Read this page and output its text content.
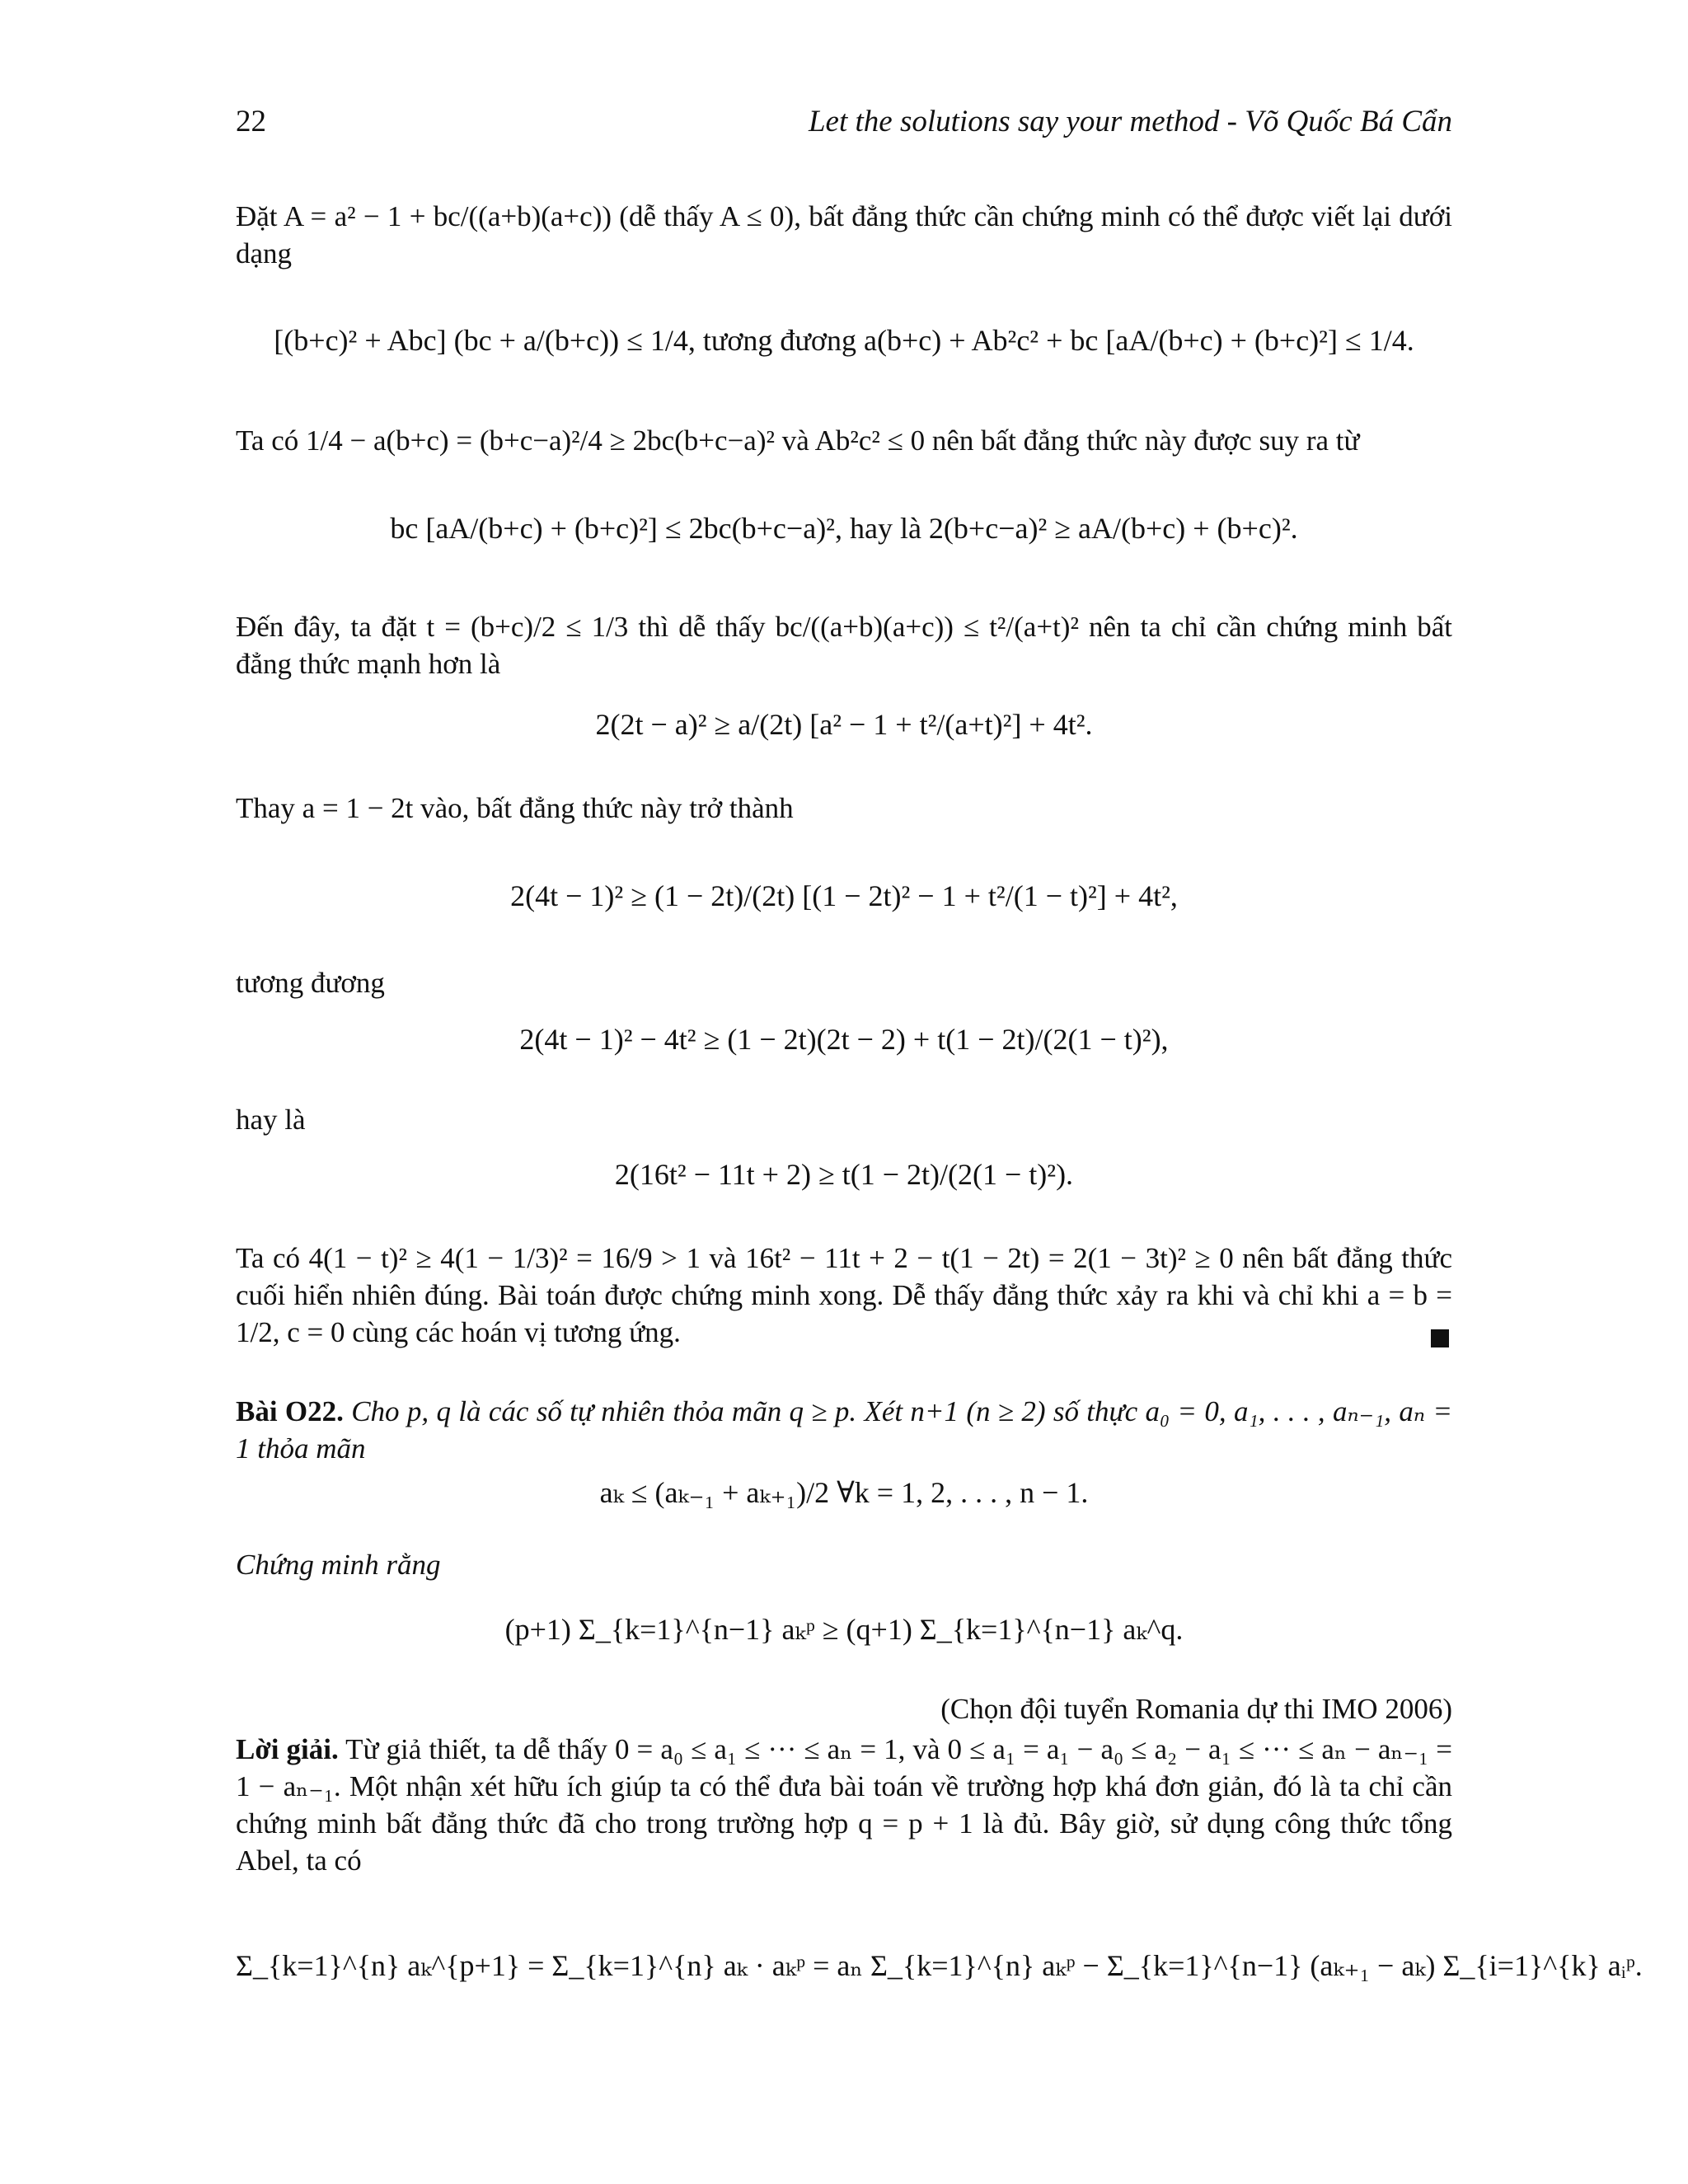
22	Let the solutions say your method - Võ Quốc Bá Cẩn
Đặt A = a² − 1 + bc/((a+b)(a+c)) (dễ thấy A ≤ 0), bất đẳng thức cần chứng minh có thể được viết lại dưới dạng
[(b+c)² + Abc] (bc + a/(b+c)) ≤ 1/4, tương đương a(b+c) + Ab²c² + bc [aA/(b+c) + (b+c)²] ≤ 1/4.
Ta có 1/4 − a(b+c) = (b+c−a)²/4 ≥ 2bc(b+c−a)² và Ab²c² ≤ 0 nên bất đẳng thức này được suy ra từ
bc [aA/(b+c) + (b+c)²] ≤ 2bc(b+c−a)², hay là 2(b+c−a)² ≥ aA/(b+c) + (b+c)².
Đến đây, ta đặt t = (b+c)/2 ≤ 1/3 thì dễ thấy bc/((a+b)(a+c)) ≤ t²/(a+t)² nên ta chỉ cần chứng minh bất đẳng thức mạnh hơn là
2(2t − a)² ≥ a/(2t) [a² − 1 + t²/(a+t)²] + 4t².
Thay a = 1 − 2t vào, bất đẳng thức này trở thành
2(4t − 1)² ≥ (1 − 2t)/(2t) [(1 − 2t)² − 1 + t²/(1 − t)²] + 4t²,
tương đương
2(4t − 1)² − 4t² ≥ (1 − 2t)(2t − 2) + t(1 − 2t)/(2(1 − t)²),
hay là
2(16t² − 11t + 2) ≥ t(1 − 2t)/(2(1 − t)²).
Ta có 4(1 − t)² ≥ 4(1 − 1/3)² = 16/9 > 1 và 16t² − 11t + 2 − t(1 − 2t) = 2(1 − 3t)² ≥ 0 nên bất đẳng thức cuối hiển nhiên đúng. Bài toán được chứng minh xong. Dễ thấy đẳng thức xảy ra khi và chỉ khi a = b = 1/2, c = 0 cùng các hoán vị tương ứng.
Bài O22. Cho p, q là các số tự nhiên thỏa mãn q ≥ p. Xét n+1 (n ≥ 2) số thực a₀ = 0, a₁, . . . , aₙ₋₁, aₙ = 1 thỏa mãn
aₖ ≤ (aₖ₋₁ + aₖ₊₁)/2 ∀k = 1, 2, . . . , n − 1.
Chứng minh rằng
(p+1) Σ_{k=1}^{n−1} aₖᵖ ≥ (q+1) Σ_{k=1}^{n−1} aₖ^q.
(Chọn đội tuyển Romania dự thi IMO 2006)
Lời giải. Từ giả thiết, ta dễ thấy 0 = a₀ ≤ a₁ ≤ ··· ≤ aₙ = 1, và 0 ≤ a₁ = a₁ − a₀ ≤ a₂ − a₁ ≤ ··· ≤ aₙ − aₙ₋₁ = 1 − aₙ₋₁. Một nhận xét hữu ích giúp ta có thể đưa bài toán về trường hợp khá đơn giản, đó là ta chỉ cần chứng minh bất đẳng thức đã cho trong trường hợp q = p + 1 là đủ. Bây giờ, sử dụng công thức tổng Abel, ta có
Σ_{k=1}^{n} aₖ^{p+1} = Σ_{k=1}^{n} aₖ · aₖᵖ = aₙ Σ_{k=1}^{n} aₖᵖ − Σ_{k=1}^{n−1} (aₖ₊₁ − aₖ) Σ_{i=1}^{k} aᵢᵖ.
